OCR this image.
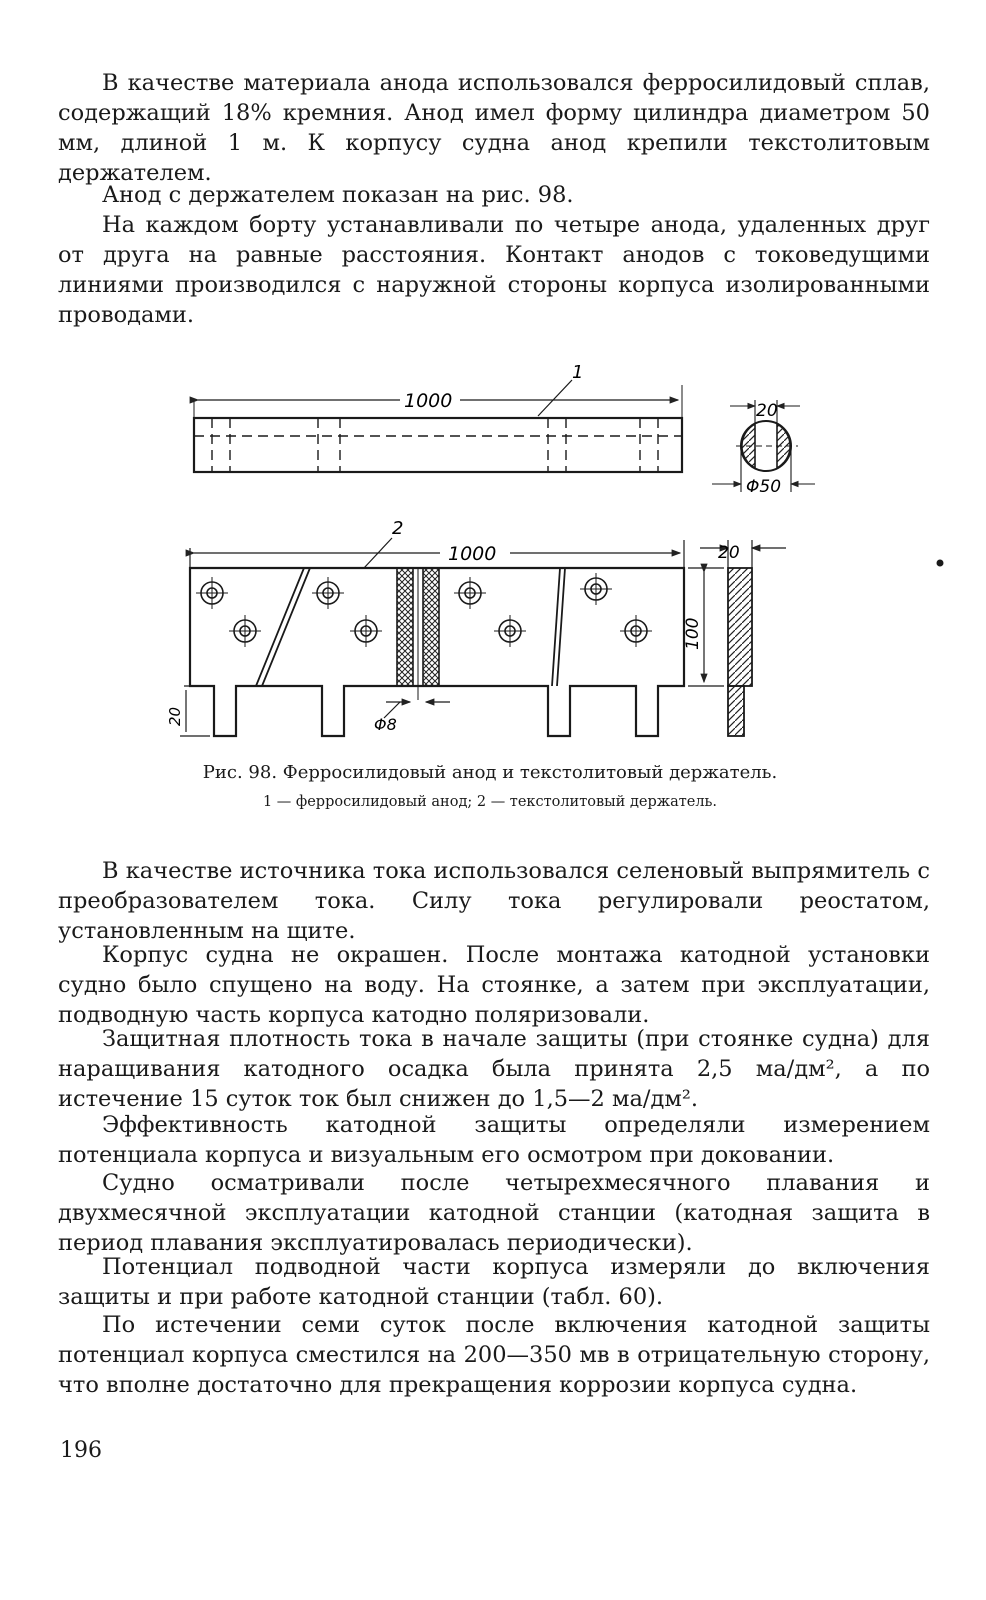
В качестве материала анода использовался ферросилидовый сплав, содержащий 18% кремния. Анод имел форму цилиндра диаметром 50 мм, длиной 1 м. К корпусу судна анод крепили текстолитовым держателем.

Анод с держателем показан на рис. 98.

На каждом борту устанавливали по четыре анода, удаленных друг от друга на равные расстояния. Контакт анодов с токоведущими линиями производился с наружной стороны корпуса изолированными проводами.

1000
1
20
Φ50
1000
2
20
100
20	Φ8

Рис. 98. Ферросилидовый анод и текстолитовый держатель.

1 — ферросилидовый анод; 2 — текстолитовый держатель.

В качестве источника тока использовался селеновый выпрямитель с преобразователем тока. Силу тока регулировали реостатом, установленным на щите.

Корпус судна не окрашен. После монтажа катодной установки судно было спущено на воду. На стоянке, а затем при эксплуатации, подводную часть корпуса катодно поляризовали.

Защитная плотность тока в начале защиты (при стоянке судна) для наращивания катодного осадка была принята 2,5 ма/дм², а по истечение 15 суток ток был снижен до 1,5—2 ма/дм².

Эффективность катодной защиты определяли измерением потенциала корпуса и визуальным его осмотром при доковании.

Судно осматривали после четырехмесячного плавания и двухмесячной эксплуатации катодной станции (катодная защита в период плавания эксплуатировалась периодически).

Потенциал подводной части корпуса измеряли до включения защиты и при работе катодной станции (табл. 60).

По истечении семи суток после включения катодной защиты потенциал корпуса сместился на 200—350 мв в отрицательную сторону, что вполне достаточно для прекращения коррозии корпуса судна.

196
